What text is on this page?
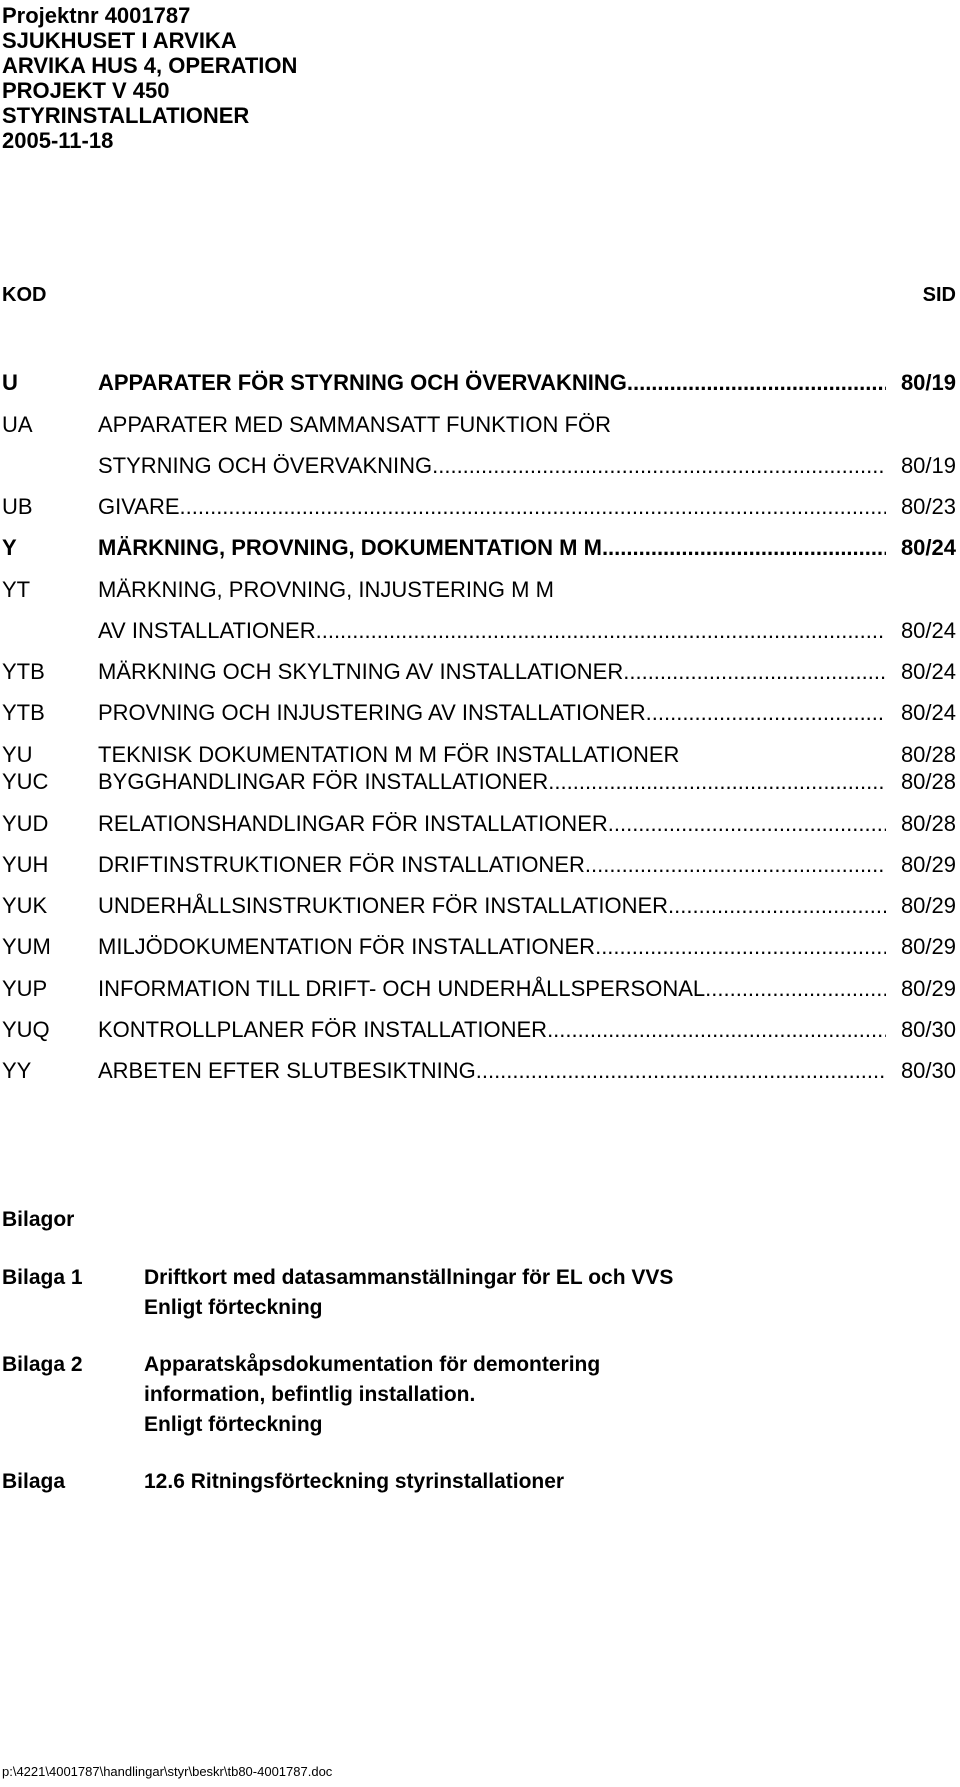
Projektnr 4001787
SJUKHUSET I ARVIKA
ARVIKA HUS 4, OPERATION
PROJEKT V 450
STYRINSTALLATIONER
2005-11-18
KOD	SID
U	APPARATER FÖR STYRNING OCH ÖVERVAKNING .....	80/19
UA	APPARATER MED SAMMANSATT FUNKTION FÖR
STYRNING OCH ÖVERVAKNING .....	80/19
UB	GIVARE .....	80/23
Y	MÄRKNING, PROVNING, DOKUMENTATION M M .....	80/24
YT	MÄRKNING, PROVNING, INJUSTERING M M
AV INSTALLATIONER .....	80/24
YTB MÄRKNING OCH SKYLTNING AV INSTALLATIONER .....	80/24
YTB PROVNING OCH INJUSTERING AV INSTALLATIONER .....	80/24
YU	TEKNISK DOKUMENTATION M M FÖR INSTALLATIONER	80/28
YUC BYGGHANDLINGAR FÖR INSTALLATIONER .....	80/28
YUD RELATIONSHANDLINGAR FÖR INSTALLATIONER .....	80/28
YUH DRIFTINSTRUKTIONER FÖR INSTALLATIONER .....	80/29
YUK UNDERHÅLLSINSTRUKTIONER FÖR INSTALLATIONER .....	80/29
YUM MILJÖDOKUMENTATION FÖR INSTALLATIONER .....	80/29
YUP INFORMATION TILL DRIFT- OCH UNDERHÅLLSPERSONAL .....	80/29
YUQ KONTROLLPLANER FÖR INSTALLATIONER .....	80/30
YY	ARBETEN EFTER SLUTBESIKTNING .....	80/30
Bilagor
Bilaga 1	Driftkort med datasammanställningar för EL och VVS
Enligt förteckning
Bilaga 2	Apparatskåpsdokumentation för demontering
information, befintlig installation.
Enligt förteckning
Bilaga	12.6 Ritningsförteckning styrinstallationer
p:\4221\4001787\handlingar\styr\beskr\tb80-4001787.doc
